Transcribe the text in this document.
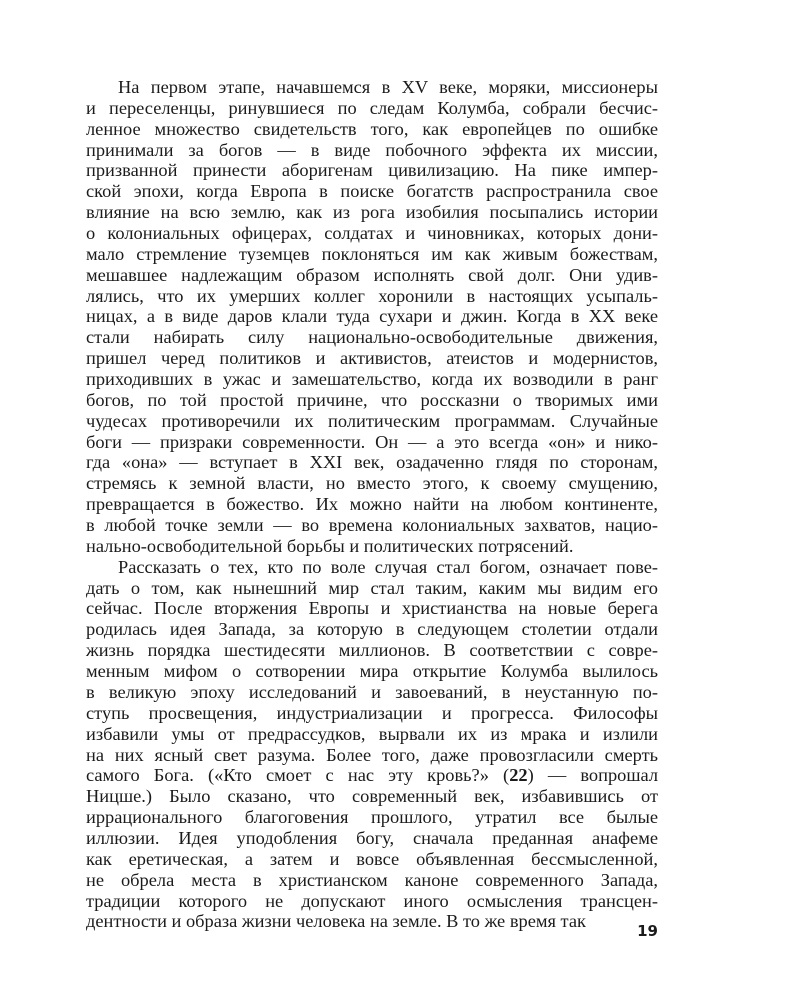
На первом этапе, начавшемся в XV веке, моряки, миссионеры
и переселенцы, ринувшиеся по следам Колумба, собрали бесчис-
ленное множество свидетельств того, как европейцев по ошибке
принимали за богов — в виде побочного эффекта их миссии,
призванной принести аборигенам цивилизацию. На пике импер-
ской эпохи, когда Европа в поиске богатств распространила свое
влияние на всю землю, как из рога изобилия посыпались истории
о колониальных офицерах, солдатах и чиновниках, которых дони-
мало стремление туземцев поклоняться им как живым божествам,
мешавшее надлежащим образом исполнять свой долг. Они удив-
лялись, что их умерших коллег хоронили в настоящих усыпаль-
ницах, а в виде даров клали туда сухари и джин. Когда в XX веке
стали набирать силу национально-освободительные движения,
пришел черед политиков и активистов, атеистов и модернистов,
приходивших в ужас и замешательство, когда их возводили в ранг
богов, по той простой причине, что россказни о творимых ими
чудесах противоречили их политическим программам. Случайные
боги — призраки современности. Он — а это всегда «он» и нико-
гда «она» — вступает в XXI век, озадаченно глядя по сторонам,
стремясь к земной власти, но вместо этого, к своему смущению,
превращается в божество. Их можно найти на любом континенте,
в любой точке земли — во времена колониальных захватов, нацио-
нально-освободительной борьбы и политических потрясений.
Рассказать о тех, кто по воле случая стал богом, означает пове-
дать о том, как нынешний мир стал таким, каким мы видим его
сейчас. После вторжения Европы и христианства на новые берега
родилась идея Запада, за которую в следующем столетии отдали
жизнь порядка шестидесяти миллионов. В соответствии с совре-
менным мифом о сотворении мира открытие Колумба вылилось
в великую эпоху исследований и завоеваний, в неустанную по-
ступь просвещения, индустриализации и прогресса. Философы
избавили умы от предрассудков, вырвали их из мрака и излили
на них ясный свет разума. Более того, даже провозгласили смерть
самого Бога. («Кто смоет с нас эту кровь?» (22) — вопрошал
Ницше.) Было сказано, что современный век, избавившись от
иррационального благоговения прошлого, утратил все былые
иллюзии. Идея уподобления богу, сначала преданная анафеме
как еретическая, а затем и вовсе объявленная бессмысленной,
не обрела места в христианском каноне современного Запада,
традиции которого не допускают иного осмысления трансцен-
дентности и образа жизни человека на земле. В то же время так	19
